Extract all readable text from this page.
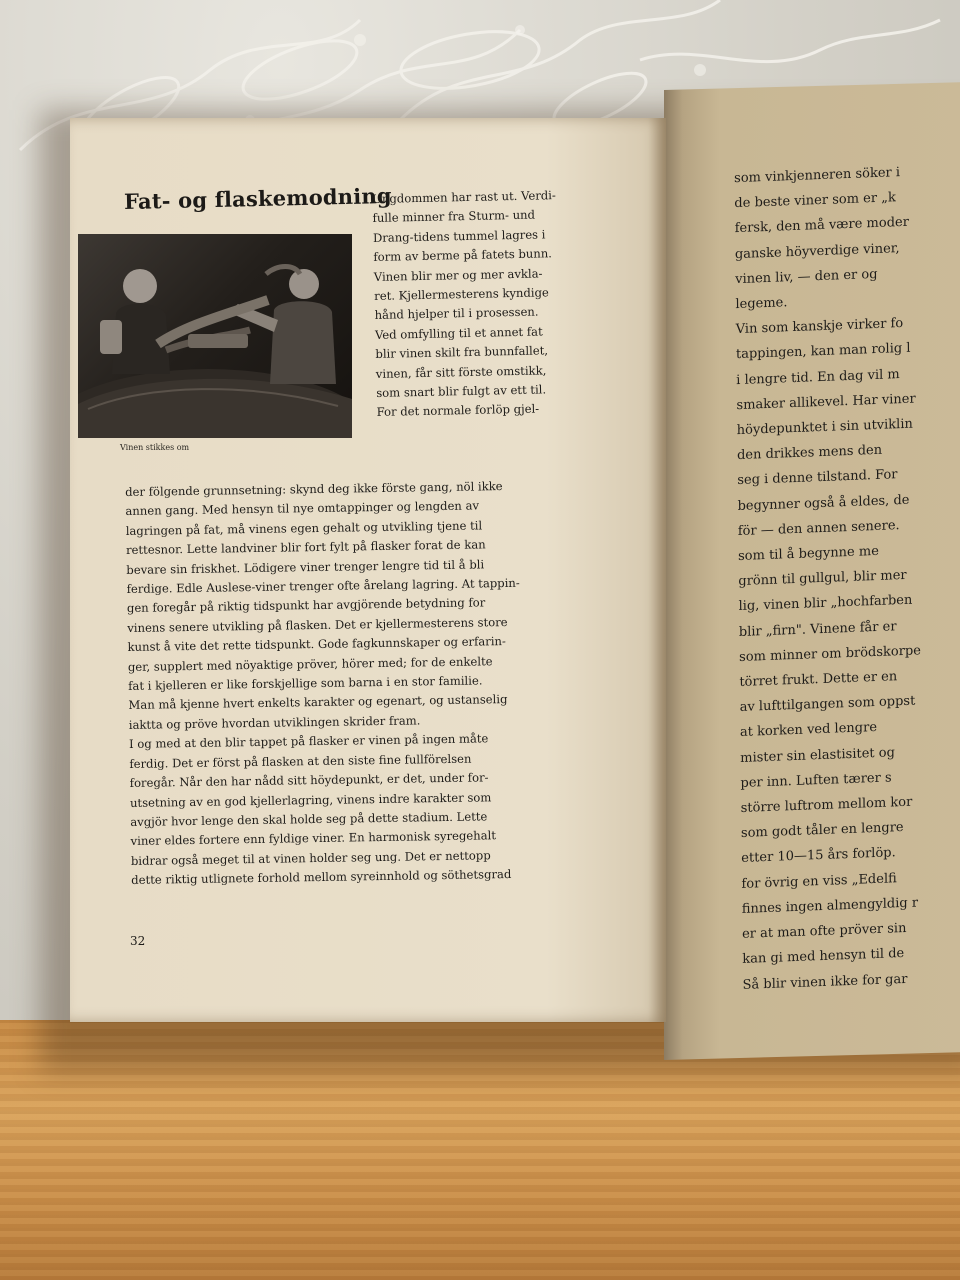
som vinkjenneren söker i
de beste viner som er „k
fersk, den må være moder
ganske höyverdige viner,
vinen liv, — den er og
legeme.
Vin som kanskje virker fo
tappingen, kan man rolig l
i lengre tid. En dag vil m
smaker allikevel. Har viner
höydepunktet i sin utviklin
den drikkes mens den
seg i denne tilstand. For
begynner også å eldes, de
för — den annen senere.
som til å begynne me
grönn til gullgul, blir mer
lig, vinen blir „hochfarben
blir „firn". Vinene får er
som minner om brödskorpe
törret frukt. Dette er en
av lufttilgangen som oppst
at korken ved lengre
mister sin elastisitet og
per inn. Luften tærer s
större luftrom mellom kor
som godt tåler en lengre
etter 10—15 års forlöp.
for övrig en viss „Edelfi
finnes ingen almengyldig r
er at man ofte pröver sin
kan gi med hensyn til de
Så blir vinen ikke for gar
Fat- og flaskemodning

Vinen stikkes om

Ungdommen har rast ut. Verdi-
fulle minner fra Sturm- und
Drang-tidens tummel lagres i
form av berme på fatets bunn.
Vinen blir mer og mer avkla-
ret. Kjellermesterens kyndige
hånd hjelper til i prosessen.
Ved omfylling til et annet fat
blir vinen skilt fra bunnfallet,
vinen, får sitt förste omstikk,
som snart blir fulgt av ett til.
For det normale forlöp gjel-
der fölgende grunnsetning: skynd deg ikke förste gang, nöl ikke
annen gang. Med hensyn til nye omtappinger og lengden av
lagringen på fat, må vinens egen gehalt og utvikling tjene til
rettesnor. Lette landviner blir fort fylt på flasker forat de kan
bevare sin friskhet. Lödigere viner trenger lengre tid til å bli
ferdige. Edle Auslese-viner trenger ofte årelang lagring. At tappin-
gen foregår på riktig tidspunkt har avgjörende betydning for
vinens senere utvikling på flasken. Det er kjellermesterens store
kunst å vite det rette tidspunkt. Gode fagkunnskaper og erfarin-
ger, supplert med nöyaktige pröver, hörer med; for de enkelte
fat i kjelleren er like forskjellige som barna i en stor familie.
Man må kjenne hvert enkelts karakter og egenart, og ustanselig
iaktta og pröve hvordan utviklingen skrider fram.
I og med at den blir tappet på flasker er vinen på ingen måte
ferdig. Det er först på flasken at den siste fine fullförelsen
foregår. Når den har nådd sitt höydepunkt, er det, under for-
utsetning av en god kjellerlagring, vinens indre karakter som
avgjör hvor lenge den skal holde seg på dette stadium. Lette
viner eldes fortere enn fyldige viner. En harmonisk syregehalt
bidrar også meget til at vinen holder seg ung. Det er nettopp
dette riktig utlignete forhold mellom syreinnhold og söthetsgrad

32
